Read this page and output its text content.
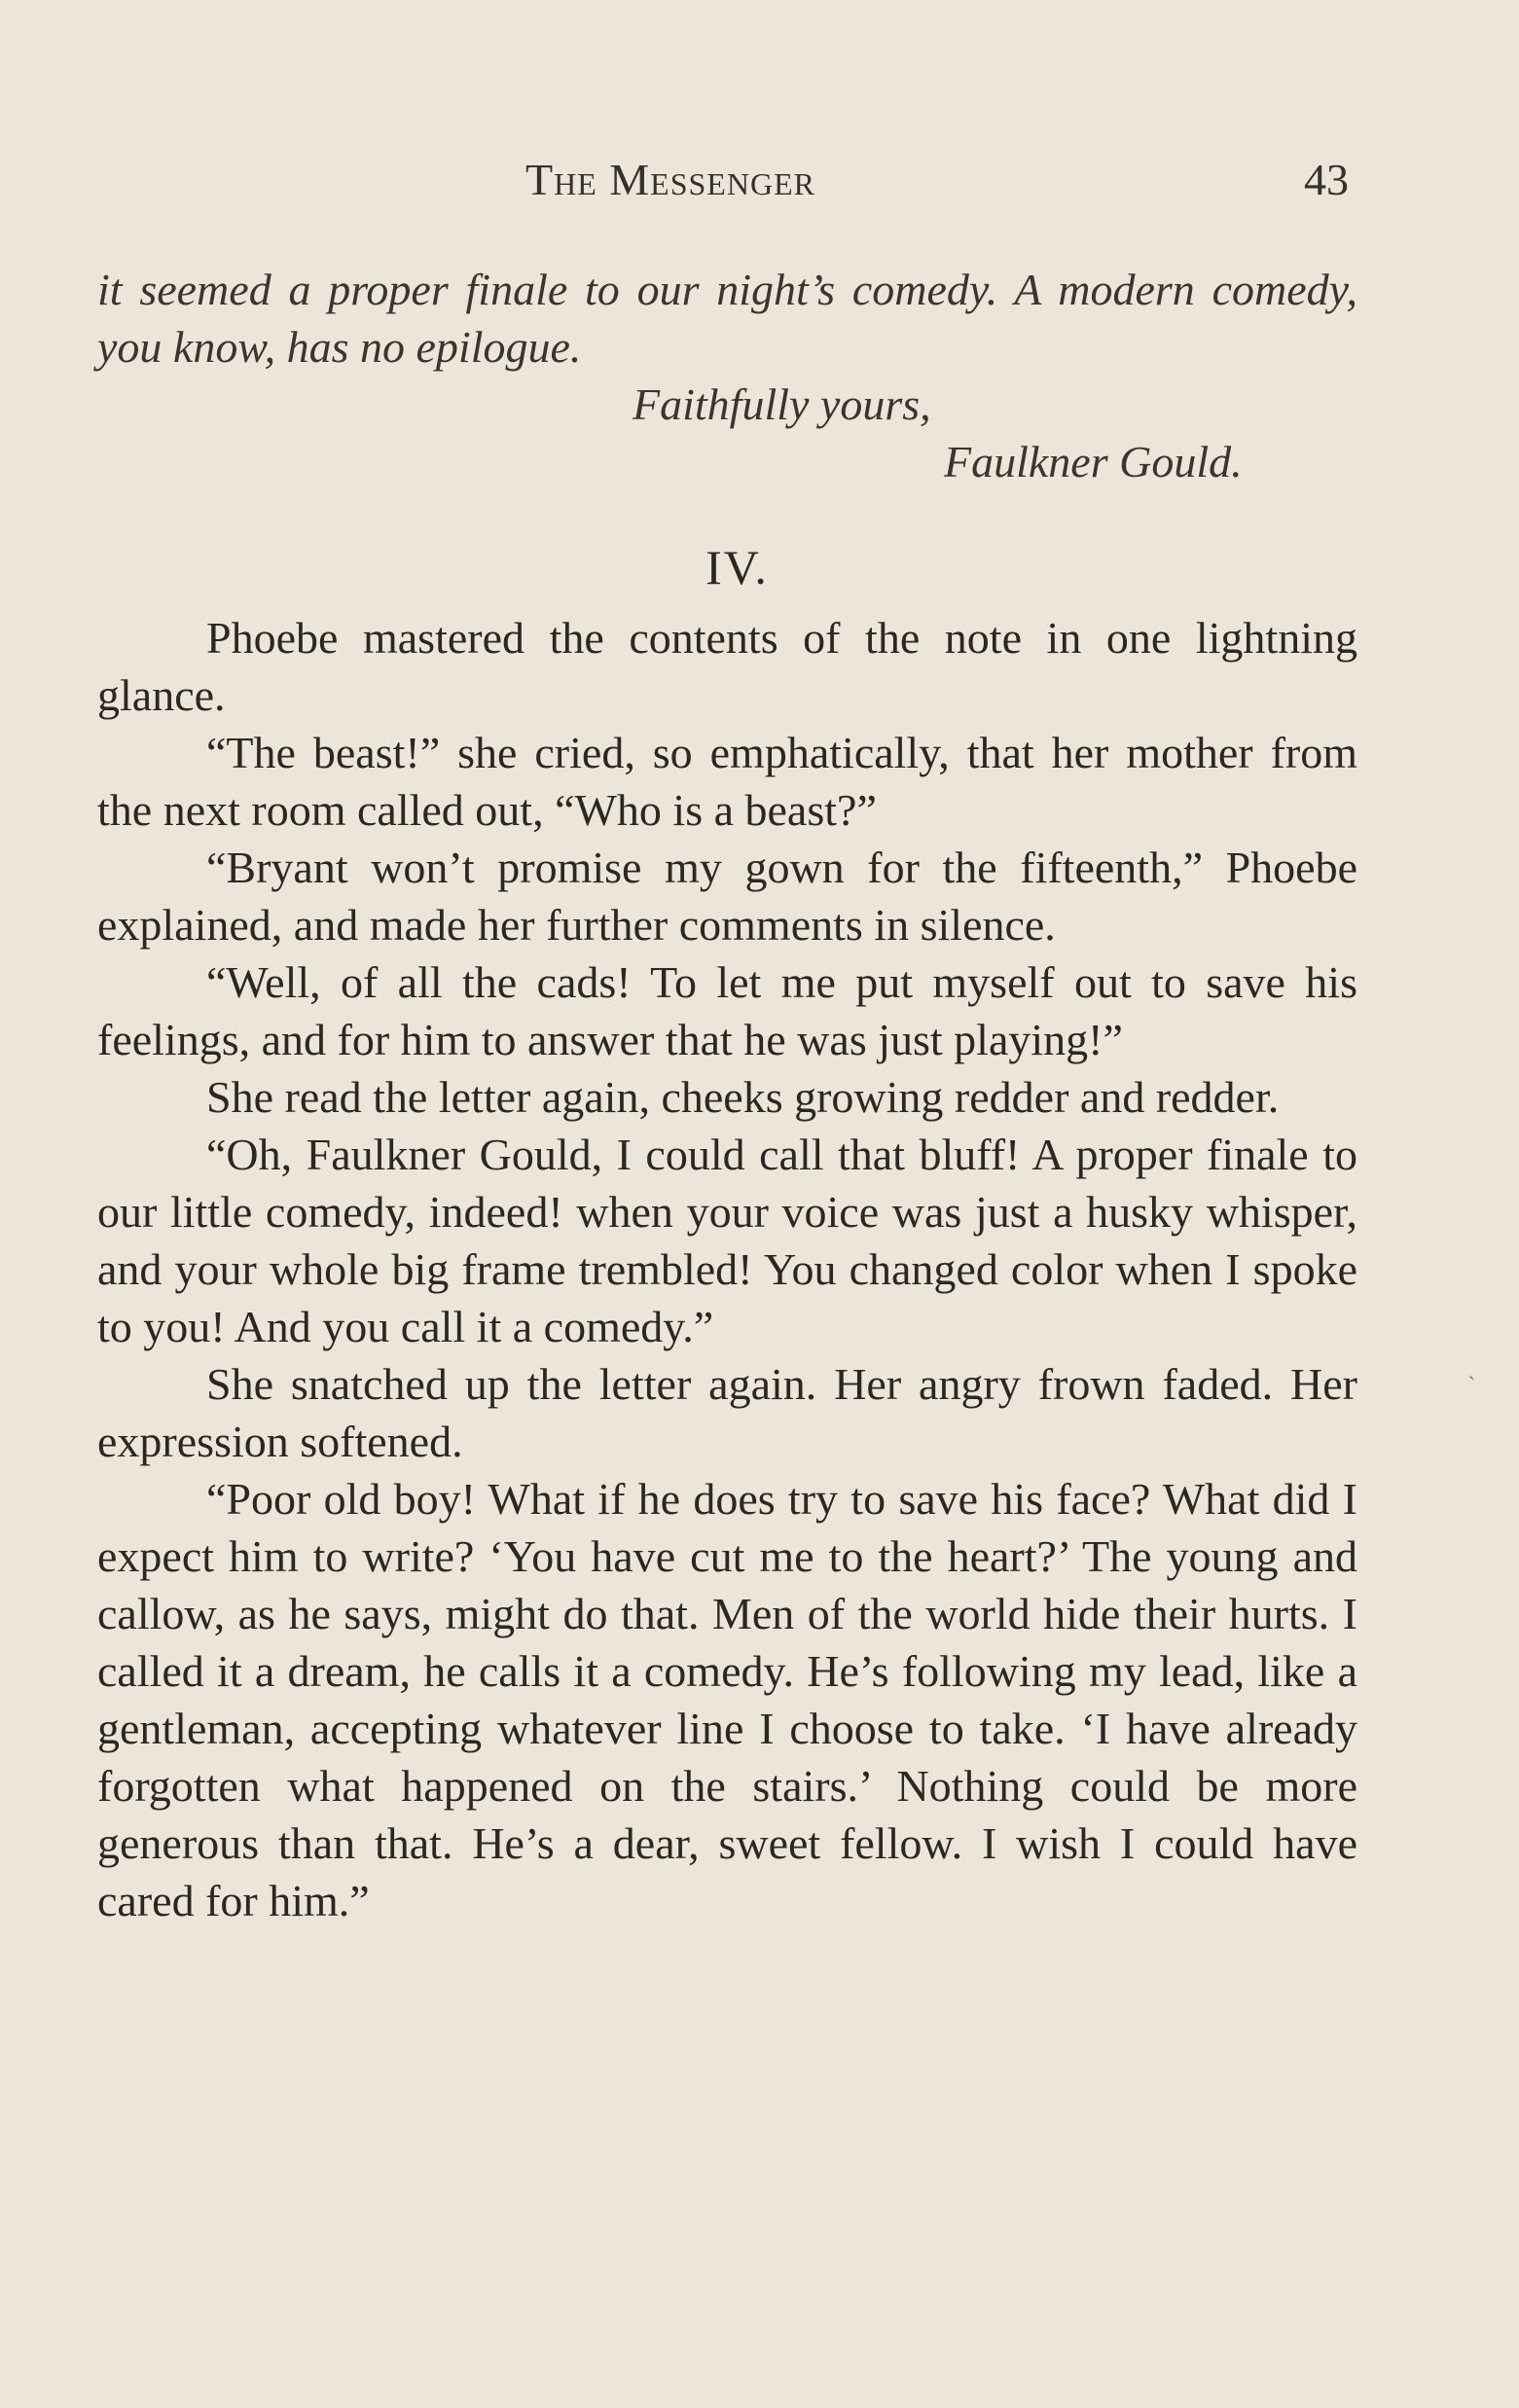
The Messenger	43

it seemed a proper finale to our night’s comedy. A modern comedy, you know, has no epilogue.

Faithfully yours,

Faulkner Gould.

IV.

Phoebe mastered the contents of the note in one lightning glance.

“The beast!” she cried, so emphatically, that her mother from the next room called out, “Who is a beast?”

“Bryant won’t promise my gown for the fifteenth,” Phoebe explained, and made her further comments in silence.

“Well, of all the cads! To let me put myself out to save his feelings, and for him to answer that he was just playing!”

She read the letter again, cheeks growing redder and redder.

“Oh, Faulkner Gould, I could call that bluff! A proper finale to our little comedy, indeed! when your voice was just a husky whisper, and your whole big frame trembled! You changed color when I spoke to you! And you call it a comedy.”

She snatched up the letter again. Her angry frown faded. Her expression softened.

“Poor old boy! What if he does try to save his face? What did I expect him to write? ‘You have cut me to the heart?’ The young and callow, as he says, might do that. Men of the world hide their hurts. I called it a dream, he calls it a comedy. He’s following my lead, like a gentleman, accepting whatever line I choose to take. ‘I have already forgotten what happened on the stairs.’ Nothing could be more generous than that. He’s a dear, sweet fellow. I wish I could have cared for him.”

ˏ
